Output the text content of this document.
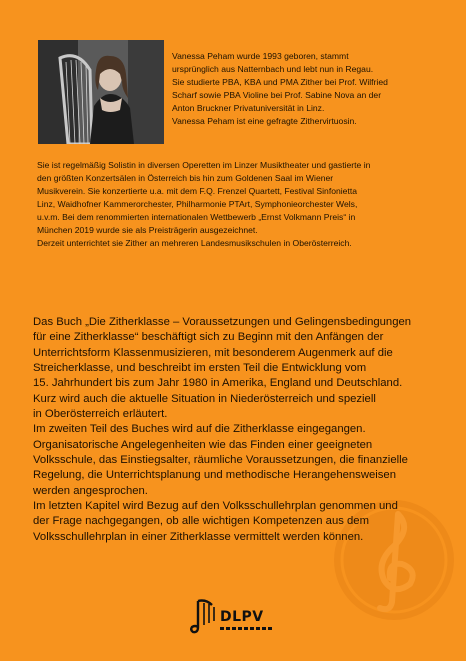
Vanessa Peham wurde 1993 geboren, stammt
ursprünglich aus Natternbach und lebt nun in Regau.
Sie studierte PBA, KBA und PMA Zither bei Prof. Wilfried
Scharf sowie PBA Violine bei Prof. Sabine Nova an der
Anton Bruckner Privatuniversität in Linz.
Vanessa Peham ist eine gefragte Zithervirtuosin.
Sie ist regelmäßig Solistin in diversen Operetten im Linzer Musiktheater und gastierte in
den größten Konzertsälen in Österreich bis hin zum Goldenen Saal im Wiener
Musikverein. Sie konzertierte u.a. mit dem F.Q. Frenzel Quartett, Festival Sinfonietta
Linz, Waidhofner Kammerorchester, Philharmonie PTArt, Symphonieorchester Wels,
u.v.m. Bei dem renommierten internationalen Wettbewerb „Ernst Volkmann Preis“ in
München 2019 wurde sie als Preisträgerin ausgezeichnet.
Derzeit unterrichtet sie Zither an mehreren Landesmusikschulen in Oberösterreich.
Das Buch „Die Zitherklasse – Voraussetzungen und Gelingensbedingungen
für eine Zitherklasse“ beschäftigt sich zu Beginn mit den Anfängen der
Unterrichtsform Klassenmusizieren, mit besonderem Augenmerk auf die
Streicherklasse, und beschreibt im ersten Teil die Entwicklung vom
15. Jahrhundert bis zum Jahr 1980 in Amerika, England und Deutschland.
Kurz wird auch die aktuelle Situation in Niederösterreich und speziell
in Oberösterreich erläutert.
Im zweiten Teil des Buches wird auf die Zitherklasse eingegangen.
Organisatorische Angelegenheiten wie das Finden einer geeigneten
Volksschule, das Einstiegsalter, räumliche Voraussetzungen, die finanzielle
Regelung, die Unterrichtsplanung und methodische Herangehensweisen
werden angesprochen.
Im letzten Kapitel wird Bezug auf den Volksschullehrplan genommen und
der Frage nachgegangen, ob alle wichtigen Kompetenzen aus dem
Volksschullehrplan in einer Zitherklasse vermittelt werden können.
DLPV
